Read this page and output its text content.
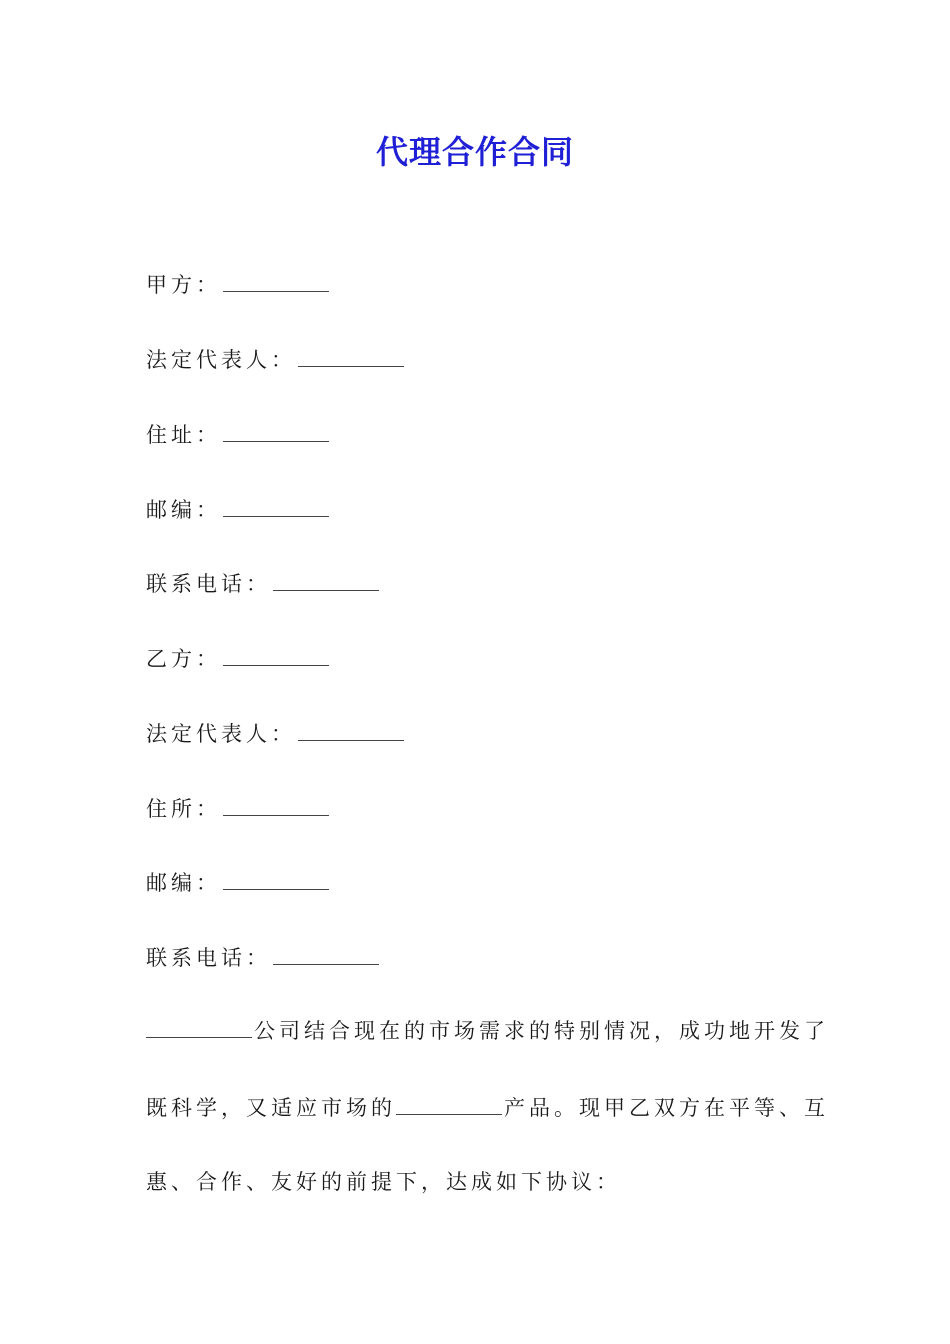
代理合作合同
甲方：
法定代表人：
住址：
邮编：
联系电话：
乙方：
法定代表人：
住所：
邮编：
联系电话：
公司结合现在的市场需求的特别情况，成功地开发了
既科学，又适应市场的	产品。现甲乙双方在平等、互
惠、合作、友好的前提下，达成如下协议：
